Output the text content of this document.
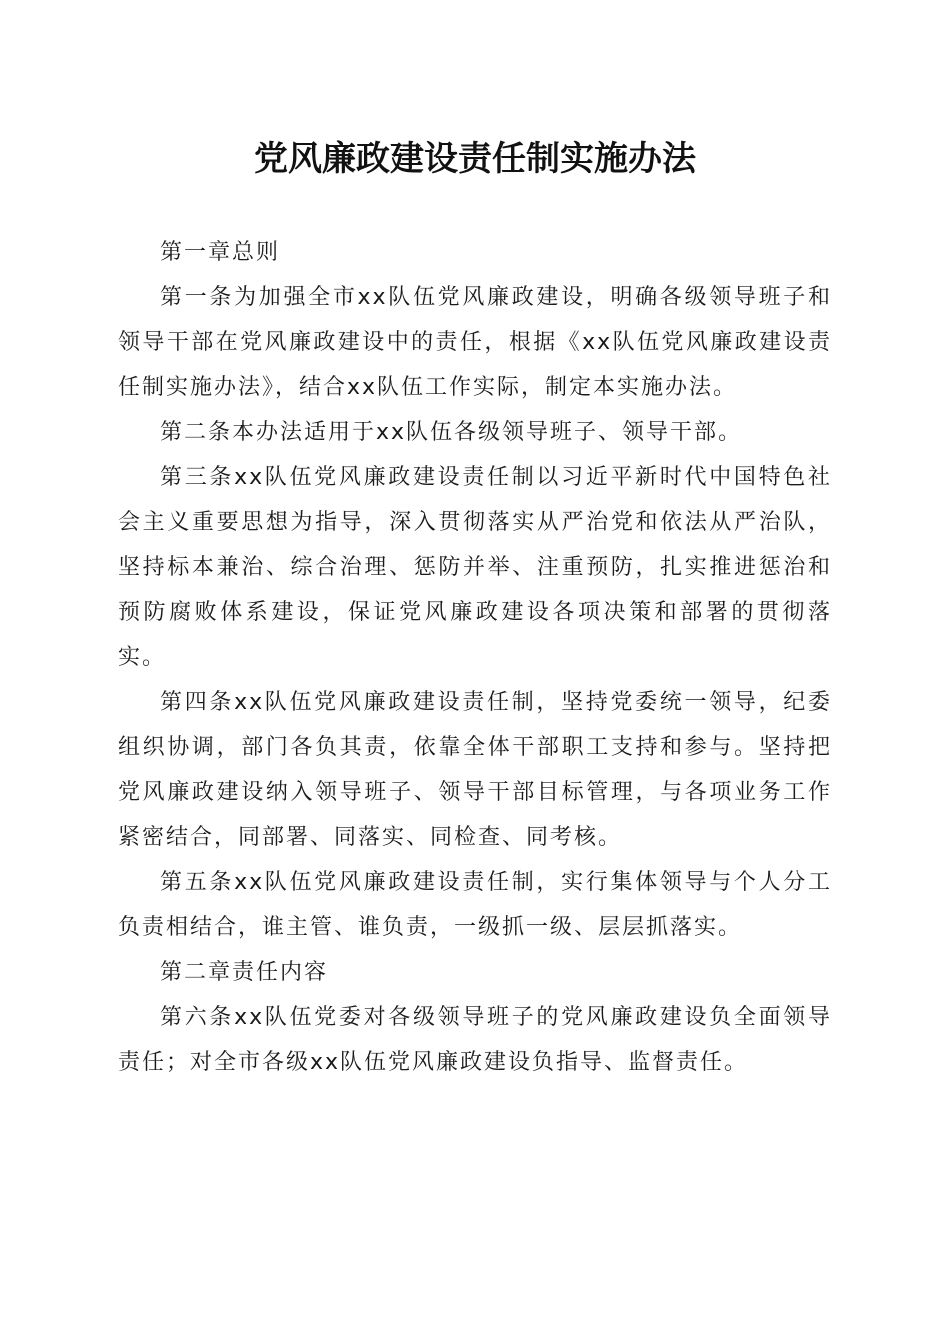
党风廉政建设责任制实施办法

第一章总则

第一条为加强全市xx队伍党风廉政建设，明确各级领导班子和领导干部在党风廉政建设中的责任，根据《xx队伍党风廉政建设责任制实施办法》，结合xx队伍工作实际，制定本实施办法。

第二条本办法适用于xx队伍各级领导班子、领导干部。

第三条xx队伍党风廉政建设责任制以习近平新时代中国特色社会主义重要思想为指导，深入贯彻落实从严治党和依法从严治队，坚持标本兼治、综合治理、惩防并举、注重预防，扎实推进惩治和预防腐败体系建设，保证党风廉政建设各项决策和部署的贯彻落实。

第四条xx队伍党风廉政建设责任制，坚持党委统一领导，纪委组织协调，部门各负其责，依靠全体干部职工支持和参与。坚持把党风廉政建设纳入领导班子、领导干部目标管理，与各项业务工作紧密结合，同部署、同落实、同检查、同考核。

第五条xx队伍党风廉政建设责任制，实行集体领导与个人分工负责相结合，谁主管、谁负责，一级抓一级、层层抓落实。

第二章责任内容

第六条xx队伍党委对各级领导班子的党风廉政建设负全面领导责任；对全市各级xx队伍党风廉政建设负指导、监督责任。
